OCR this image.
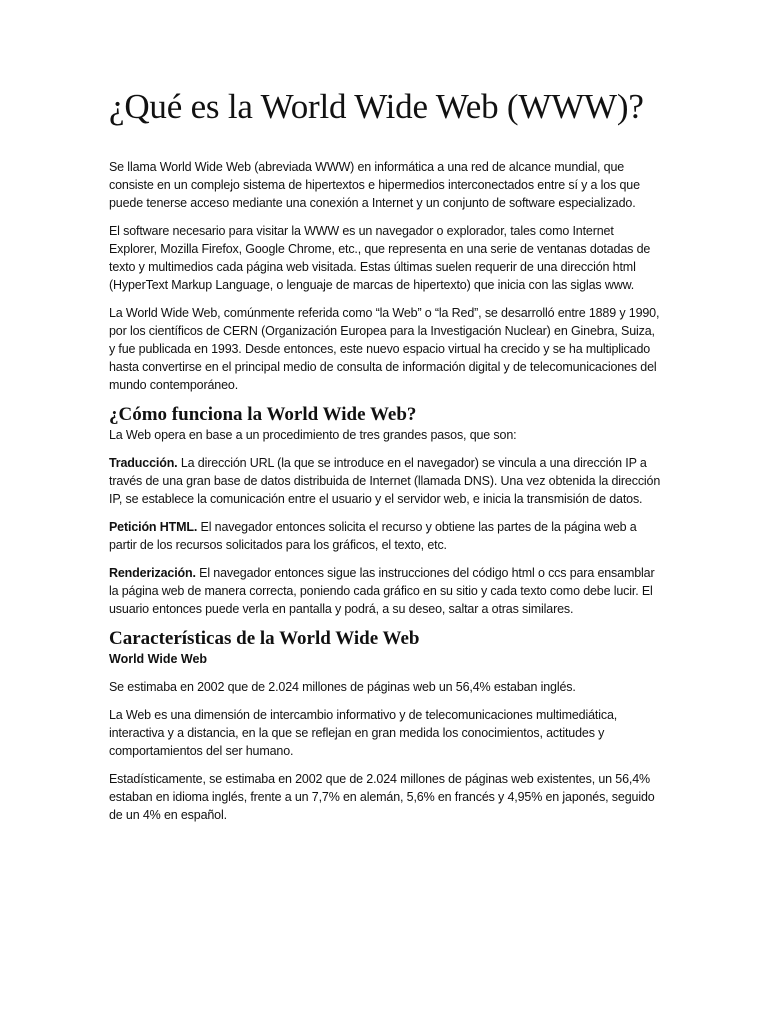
¿Qué es la World Wide Web (WWW)?

Se llama World Wide Web (abreviada WWW) en informática a una red de alcance mundial, que consiste en un complejo sistema de hipertextos e hipermedios interconectados entre sí y a los que puede tenerse acceso mediante una conexión a Internet y un conjunto de software especializado.

El software necesario para visitar la WWW es un navegador o explorador, tales como Internet Explorer, Mozilla Firefox, Google Chrome, etc., que representa en una serie de ventanas dotadas de texto y multimedios cada página web visitada. Estas últimas suelen requerir de una dirección html (HyperText Markup Language, o lenguaje de marcas de hipertexto) que inicia con las siglas www.

La World Wide Web, comúnmente referida como “la Web” o “la Red”, se desarrolló entre 1889 y 1990, por los científicos de CERN (Organización Europea para la Investigación Nuclear) en Ginebra, Suiza, y fue publicada en 1993. Desde entonces, este nuevo espacio virtual ha crecido y se ha multiplicado hasta convertirse en el principal medio de consulta de información digital y de telecomunicaciones del mundo contemporáneo.

¿Cómo funciona la World Wide Web?

La Web opera en base a un procedimiento de tres grandes pasos, que son:

Traducción. La dirección URL (la que se introduce en el navegador) se vincula a una dirección IP a través de una gran base de datos distribuida de Internet (llamada DNS). Una vez obtenida la dirección IP, se establece la comunicación entre el usuario y el servidor web, e inicia la transmisión de datos.

Petición HTML. El navegador entonces solicita el recurso y obtiene las partes de la página web a partir de los recursos solicitados para los gráficos, el texto, etc.

Renderización. El navegador entonces sigue las instrucciones del código html o ccs para ensamblar la página web de manera correcta, poniendo cada gráfico en su sitio y cada texto como debe lucir. El usuario entonces puede verla en pantalla y podrá, a su deseo, saltar a otras similares.

Características de la World Wide Web
World Wide Web

Se estimaba en 2002 que de 2.024 millones de páginas web un 56,4% estaban inglés.

La Web es una dimensión de intercambio informativo y de telecomunicaciones multimediática, interactiva y a distancia, en la que se reflejan en gran medida los conocimientos, actitudes y comportamientos del ser humano.

Estadísticamente, se estimaba en 2002 que de 2.024 millones de páginas web existentes, un 56,4% estaban en idioma inglés, frente a un 7,7% en alemán, 5,6% en francés y 4,95% en japonés, seguido de un 4% en español.
